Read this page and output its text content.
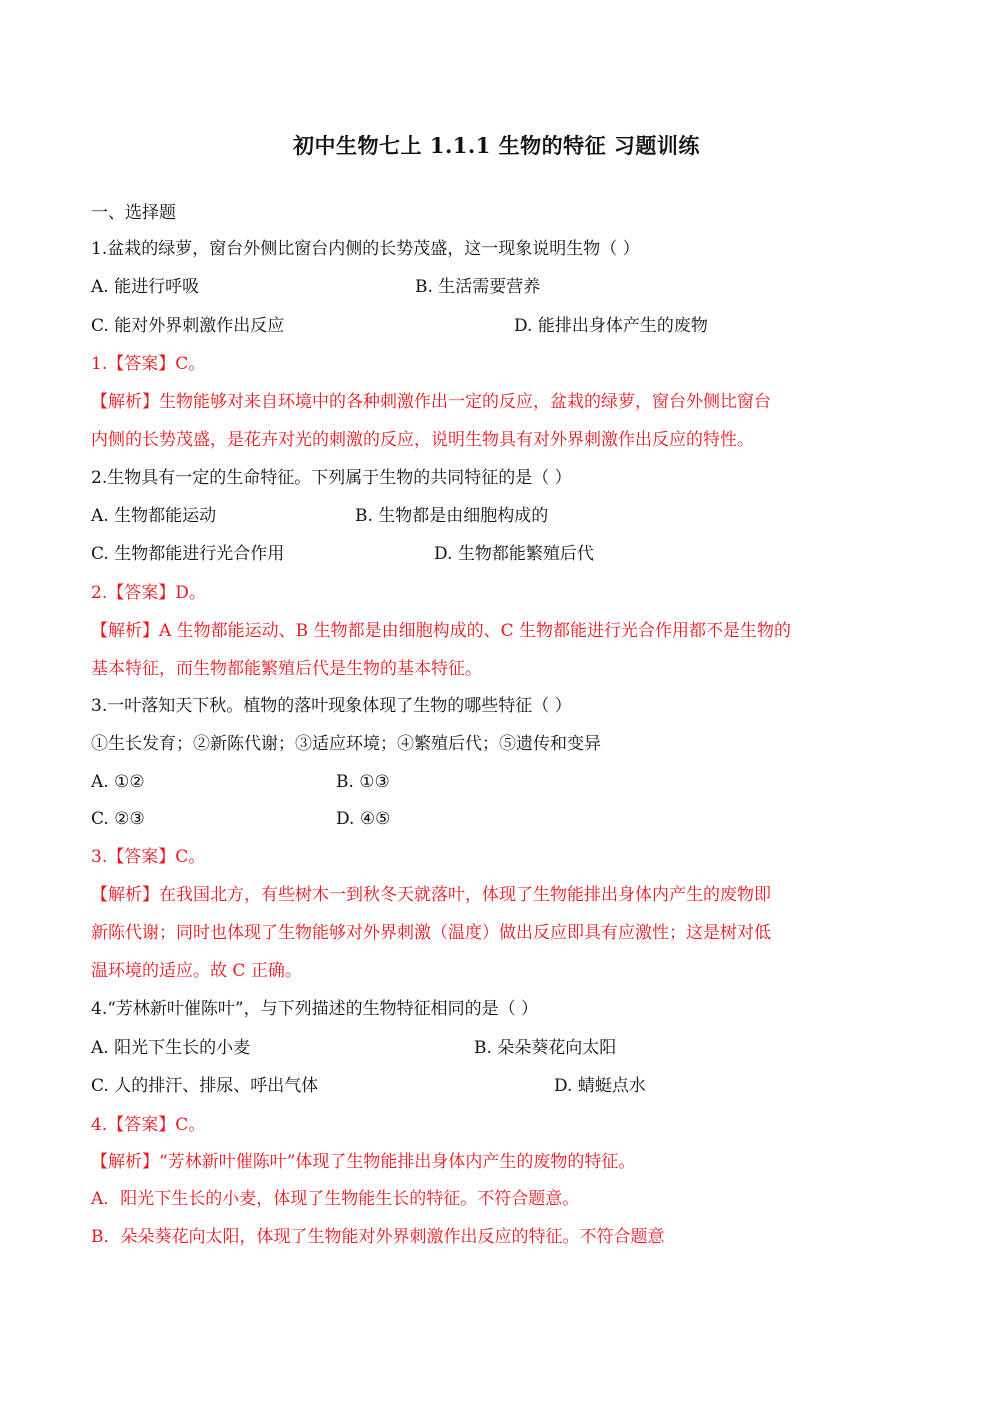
初中生物七上 1.1.1 生物的特征 习题训练
一、选择题
1.盆栽的绿萝，窗台外侧比窗台内侧的长势茂盛，这一现象说明生物（ ）
A. 能进行呼吸	B. 生活需要营养
C. 能对外界刺激作出反应	D. 能排出身体产生的废物
1.【答案】C。
【解析】生物能够对来自环境中的各种刺激作出一定的反应，盆栽的绿萝，窗台外侧比窗台
内侧的长势茂盛，是花卉对光的刺激的反应，说明生物具有对外界刺激作出反应的特性。
2.生物具有一定的生命特征。下列属于生物的共同特征的是（ ）
A. 生物都能运动	B. 生物都是由细胞构成的
C. 生物都能进行光合作用	D. 生物都能繁殖后代
2.【答案】D。
【解析】A 生物都能运动、B 生物都是由细胞构成的、C 生物都能进行光合作用都不是生物的
基本特征，而生物都能繁殖后代是生物的基本特征。
3.一叶落知天下秋。植物的落叶现象体现了生物的哪些特征（ ）
①生长发育；②新陈代谢；③适应环境；④繁殖后代；⑤遗传和变异
A. ①②	B. ①③
C. ②③	D. ④⑤
3.【答案】C。
【解析】在我国北方，有些树木一到秋冬天就落叶，体现了生物能排出身体内产生的废物即
新陈代谢；同时也体现了生物能够对外界刺激（温度）做出反应即具有应激性；这是树对低
温环境的适应。故 C 正确。
4.“芳林新叶催陈叶”，与下列描述的生物特征相同的是（ ）
A. 阳光下生长的小麦	B. 朵朵葵花向太阳
C. 人的排汗、排尿、呼出气体	D. 蜻蜓点水
4.【答案】C。
【解析】“芳林新叶催陈叶”体现了生物能排出身体内产生的废物的特征。
A．阳光下生长的小麦，体现了生物能生长的特征。不符合题意。
B．朵朵葵花向太阳，体现了生物能对外界刺激作出反应的特征。不符合题意
